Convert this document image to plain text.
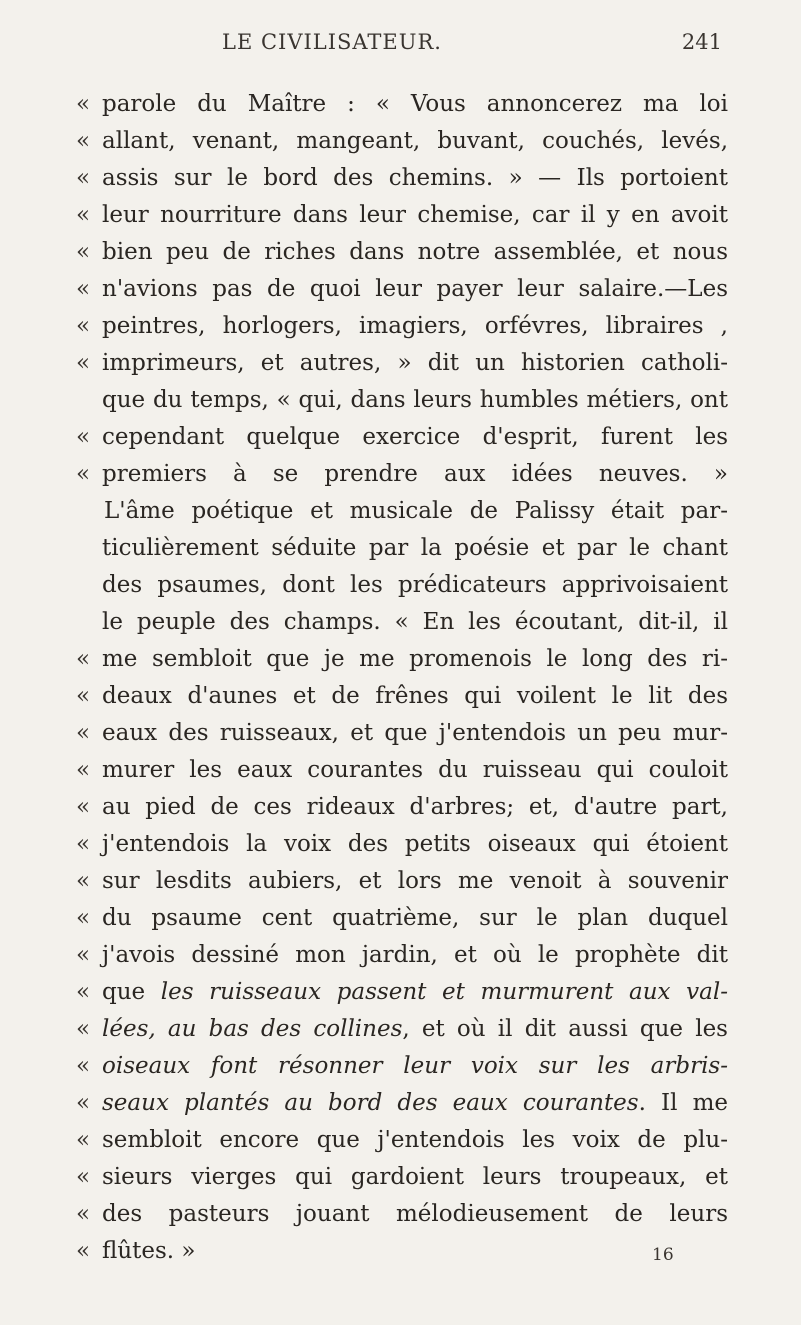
LE CIVILISATEUR.	241
« parole du Maître : « Vous annoncerez ma loi
« allant, venant, mangeant, buvant, couchés, levés,
« assis sur le bord des chemins. » — Ils portoient
« leur nourriture dans leur chemise, car il y en avoit
« bien peu de riches dans notre assemblée, et nous
« n'avions pas de quoi leur payer leur salaire.—Les
« peintres, horlogers, imagiers, orfévres, libraires ,
« imprimeurs, et autres, » dit un historien catholi-
que du temps, « qui, dans leurs humbles métiers, ont
« cependant quelque exercice d'esprit, furent les
« premiers à se prendre aux idées neuves. »
L'âme poétique et musicale de Palissy était par-
ticulièrement séduite par la poésie et par le chant
des psaumes, dont les prédicateurs apprivoisaient
le peuple des champs. « En les écoutant, dit-il, il
« me sembloit que je me promenois le long des ri-
« deaux d'aunes et de frênes qui voilent le lit des
« eaux des ruisseaux, et que j'entendois un peu mur-
« murer les eaux courantes du ruisseau qui couloit
« au pied de ces rideaux d'arbres; et, d'autre part,
« j'entendois la voix des petits oiseaux qui étoient
« sur lesdits aubiers, et lors me venoit à souvenir
« du psaume cent quatrième, sur le plan duquel
« j'avois dessiné mon jardin, et où le prophète dit
« que les ruisseaux passent et murmurent aux val-
« lées, au bas des collines, et où il dit aussi que les
« oiseaux font résonner leur voix sur les arbris-
« seaux plantés au bord des eaux courantes. Il me
« sembloit encore que j'entendois les voix de plu-
« sieurs vierges qui gardoient leurs troupeaux, et
« des pasteurs jouant mélodieusement de leurs
« flûtes. »	16
